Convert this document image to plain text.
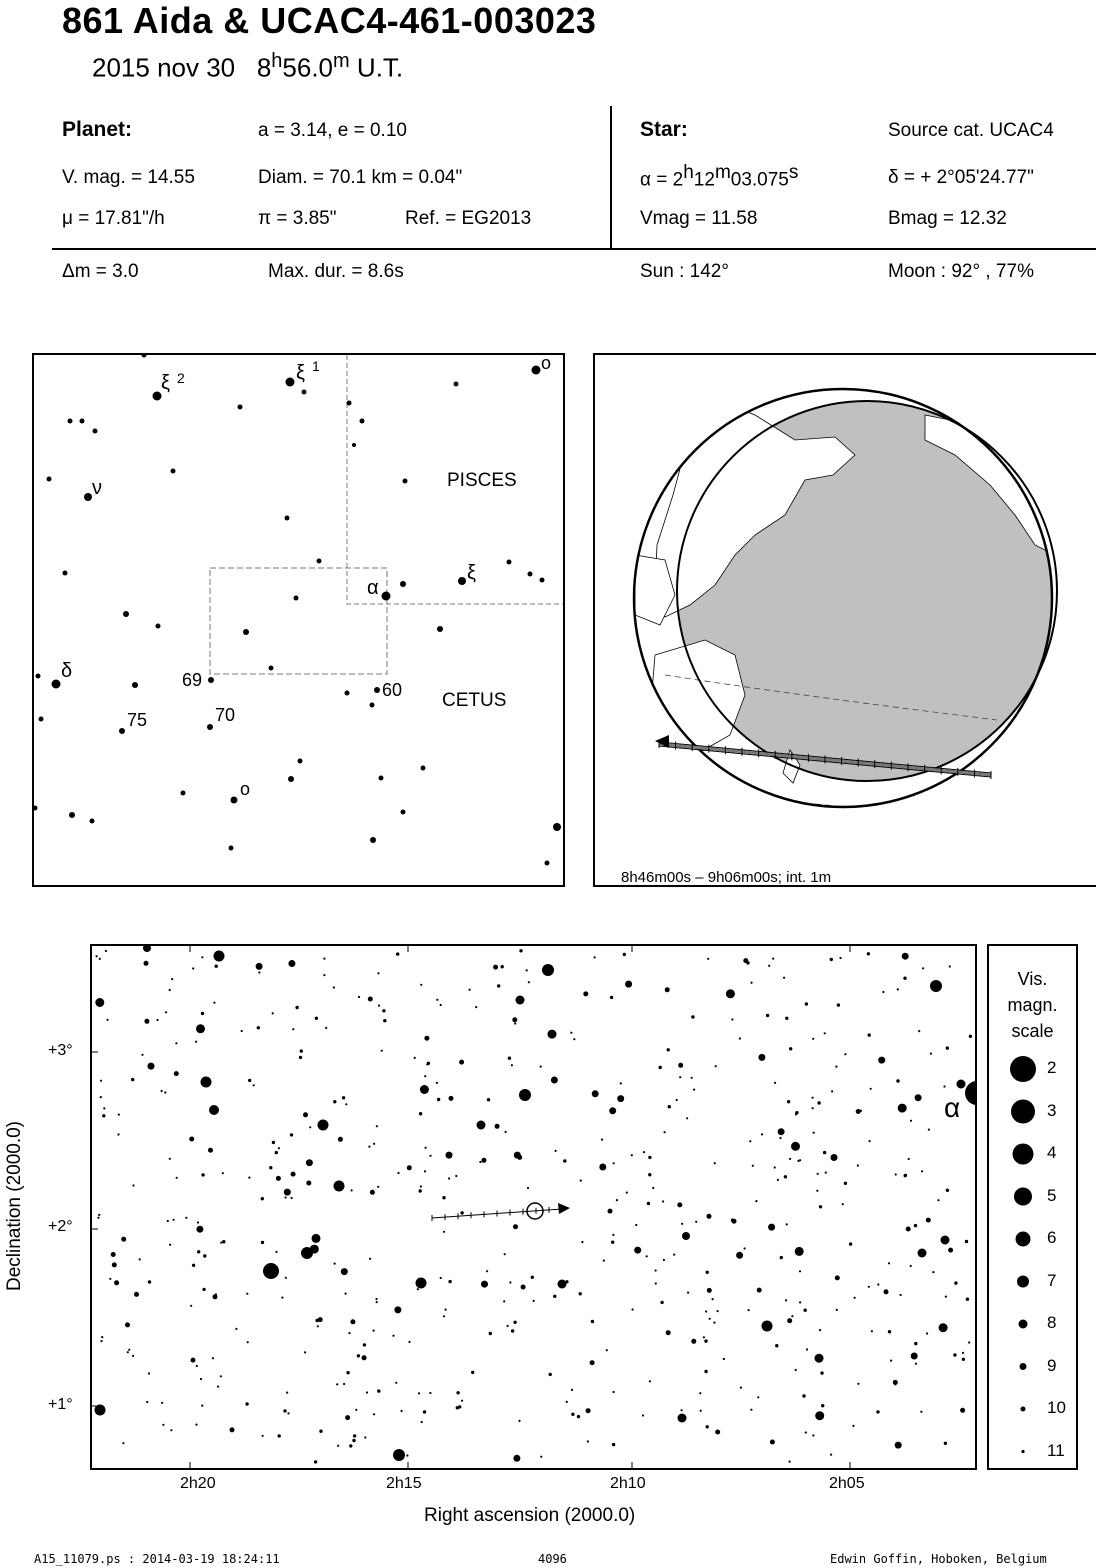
861 Aida & UCAC4-461-003023
2015 nov 30 8$^h$56.0$^m$ U.T.
Planet:	a = 3.14, e = 0.10
V. mag. = 14.55	Diam. = 70.1 km = 0.04"
μ = 17.81"/h	π = 3.85"	Ref. = EG2013
Star:	Source cat. UCAC4
α = 2h12m03.075s	δ = + 2°05'24.77"
Vmag = 11.58	Bmag = 12.32
Δm = 3.0	Max. dur. = 8.6s	Sun : 142°	Moon : 92° , 77%
PISCES
CETUS
ξ 2	ξ 1	o
ν
ξ
α
δ	69	60
75	70
o
8h46m00s – 9h06m00s; int. 1m
α
2h20	2h15	2h10	2h05
Right ascension (2000.0)
+3°
+2°
+1°
Declination (2000.0)
Vis.
magn.
scale
2
3
4
5
6
7
8
9
10
11
A15_11079.ps : 2014-03-19 18:24:11	4096	Edwin Goffin, Hoboken, Belgium
